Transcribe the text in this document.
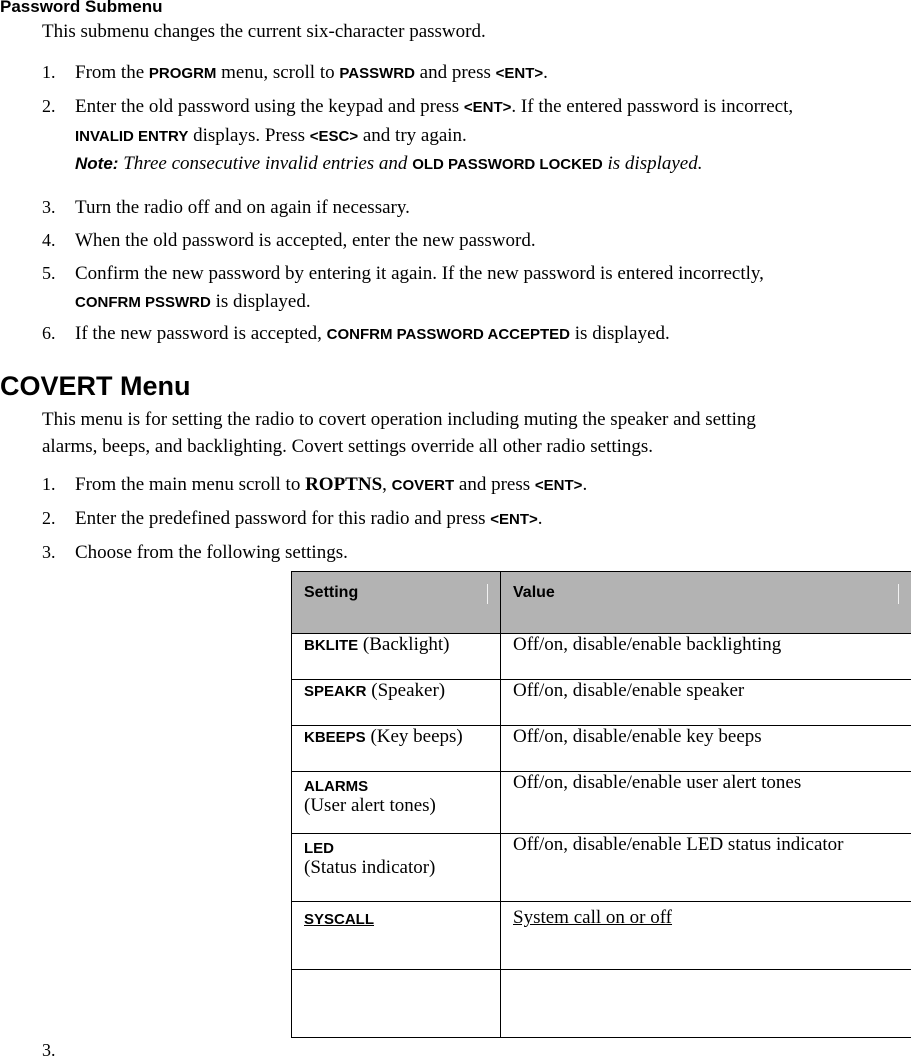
Password Submenu
This submenu changes the current six-character password.
1. From the PROGRM menu, scroll to PASSWRD and press <ENT>.
2. Enter the old password using the keypad and press <ENT>. If the entered password is incorrect,
INVALID ENTRY displays. Press <ESC> and try again.
Note: Three consecutive invalid entries and OLD PASSWORD LOCKED is displayed.
3. Turn the radio off and on again if necessary.
4. When the old password is accepted, enter the new password.
5. Confirm the new password by entering it again. If the new password is entered incorrectly,
CONFRM PSSWRD is displayed.
6. If the new password is accepted, CONFRM PASSWORD ACCEPTED is displayed.
COVERT Menu
This menu is for setting the radio to covert operation including muting the speaker and setting
alarms, beeps, and backlighting. Covert settings override all other radio settings.
1. From the main menu scroll to ROPTNS, COVERT and press <ENT>.
2. Enter the predefined password for this radio and press <ENT>.
3. Choose from the following settings.
Setting	Value

BKLITE (Backlight)	Off/on, disable/enable backlighting
SPEAKR (Speaker)	Off/on, disable/enable speaker
KBEEPS (Key beeps)	Off/on, disable/enable key beeps

ALARMS
(User alert tones)	Off/on, disable/enable user alert tones

LED
(Status indicator)	Off/on, disable/enable LED status indicator
SYSCALL	System call on or off

3.
